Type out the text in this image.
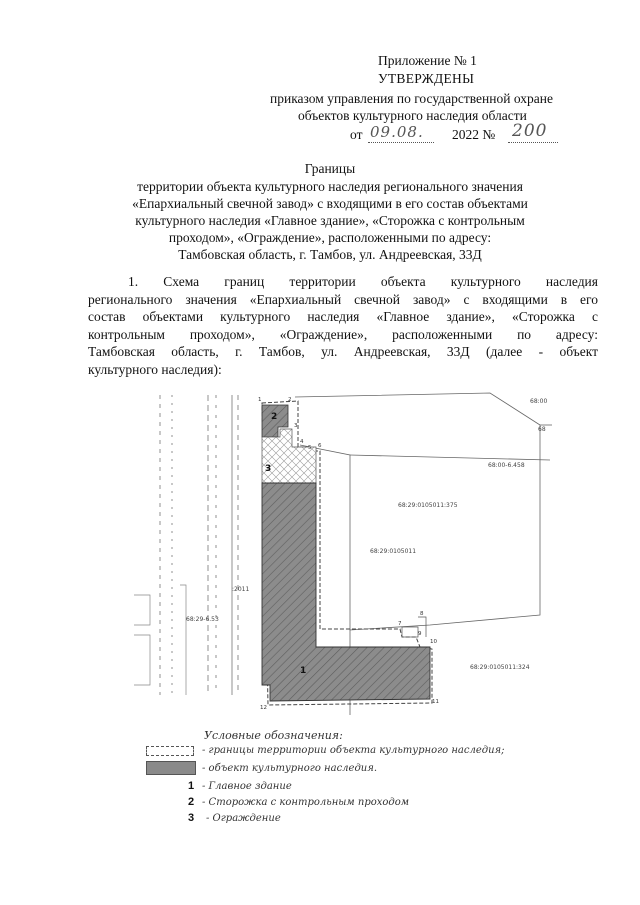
Приложение № 1
УТВЕРЖДЕНЫ
приказом управления по государственной охране
объектов культурного наследия области
от 09.08. 2022 № 200
Границы
территории объекта культурного наследия регионального значения
«Епархиальный свечной завод» с входящими в его состав объектами
культурного наследия «Главное здание», «Сторожка с контрольным
проходом», «Ограждение», расположенными по адресу:
Тамбовская область, г. Тамбов, ул. Андреевская, 33Д
1. Схема границ территории объекта культурного наследия
регионального значения «Епархиальный свечной завод» с входящими в его
состав объектами культурного наследия «Главное здание», «Сторожка с
контрольным проходом», «Ограждение», расположенными по адресу:
Тамбовская область, г. Тамбов, ул. Андреевская, 33Д (далее - объект
культурного наследия):
2
3
1
1	2
3
4
5 6
7
8
9
10
11
12
68:29:0105011:375
68:29:0105011
68:29:0105011:324
68:00-6.458
68:29-6.53
68:00
68
:2011
Условные обозначения:
- границы территории объекта культурного наследия;
- объект культурного наследия.
1 - Главное здание
2 - Сторожка с контрольным проходом
3 - Ограждение
